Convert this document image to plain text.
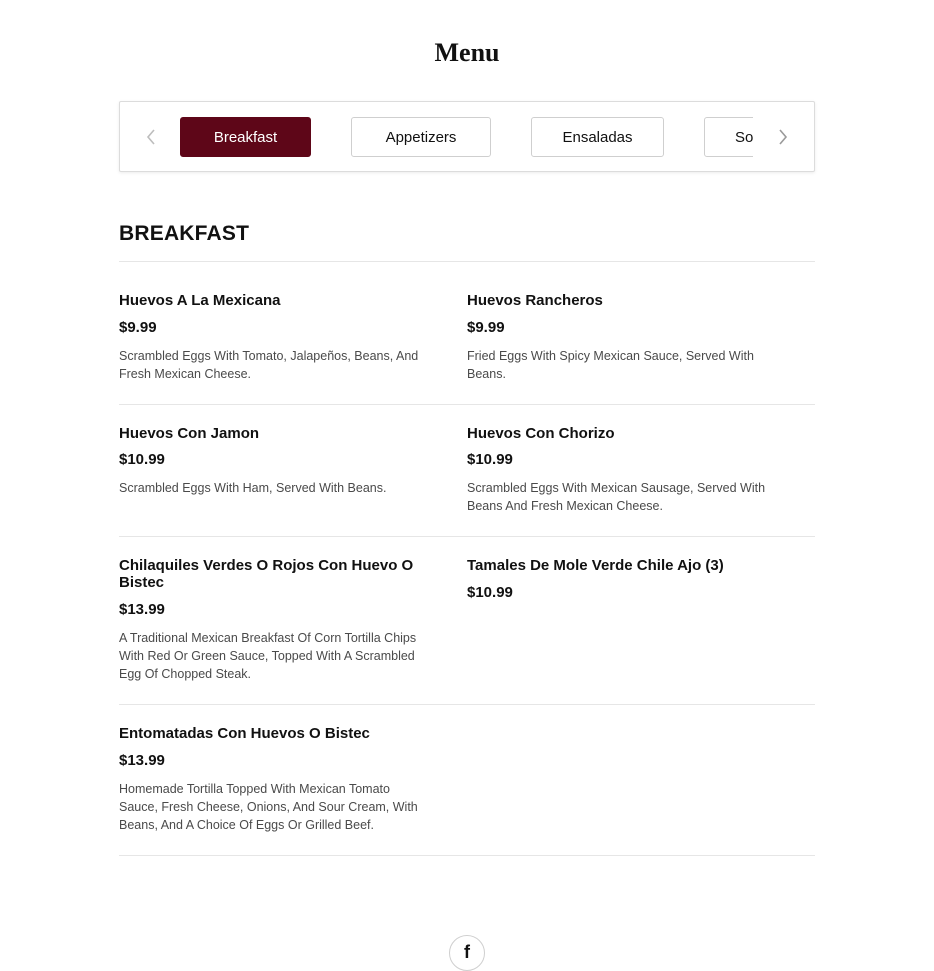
Menu
Breakfast	Appetizers	Ensaladas	So
BREAKFAST
Huevos A La Mexicana
$9.99
Scrambled Eggs With Tomato, Jalapeños, Beans, And Fresh Mexican Cheese.
Huevos Rancheros
$9.99
Fried Eggs With Spicy Mexican Sauce, Served With Beans.
Huevos Con Jamon
$10.99
Scrambled Eggs With Ham, Served With Beans.
Huevos Con Chorizo
$10.99
Scrambled Eggs With Mexican Sausage, Served With Beans And Fresh Mexican Cheese.
Chilaquiles Verdes O Rojos Con Huevo O Bistec
$13.99
A Traditional Mexican Breakfast Of Corn Tortilla Chips With Red Or Green Sauce, Topped With A Scrambled Egg Of Chopped Steak.
Tamales De Mole Verde Chile Ajo (3)
$10.99
Entomatadas Con Huevos O Bistec
$13.99
Homemade Tortilla Topped With Mexican Tomato Sauce, Fresh Cheese, Onions, And Sour Cream, With Beans, And A Choice Of Eggs Or Grilled Beef.
f
